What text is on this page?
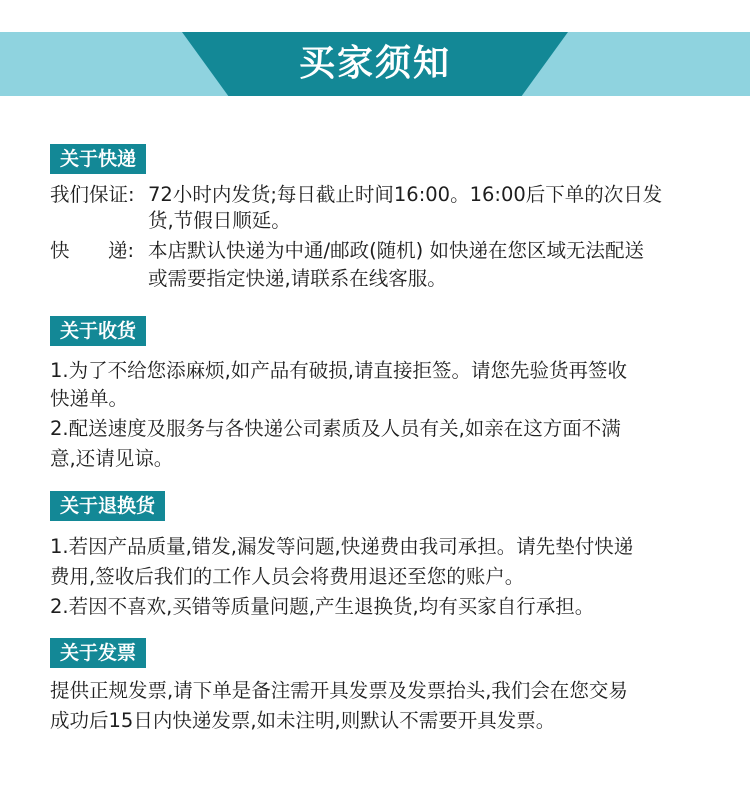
买家须知
关于快递
我们保证: 72小时内发货;每日截止时间16:00。16:00后下单的次日发
货,节假日顺延。
快 递: 本店默认快递为中通/邮政(随机) 如快递在您区域无法配送
或需要指定快递,请联系在线客服。
关于收货
1.为了不给您添麻烦,如产品有破损,请直接拒签。请您先验货再签收
快递单。
2.配送速度及服务与各快递公司素质及人员有关,如亲在这方面不满
意,还请见谅。
关于退换货
1.若因产品质量,错发,漏发等问题,快递费由我司承担。请先垫付快递
费用,签收后我们的工作人员会将费用退还至您的账户。
2.若因不喜欢,买错等质量问题,产生退换货,均有买家自行承担。
关于发票
提供正规发票,请下单是备注需开具发票及发票抬头,我们会在您交易
成功后15日内快递发票,如未注明,则默认不需要开具发票。
